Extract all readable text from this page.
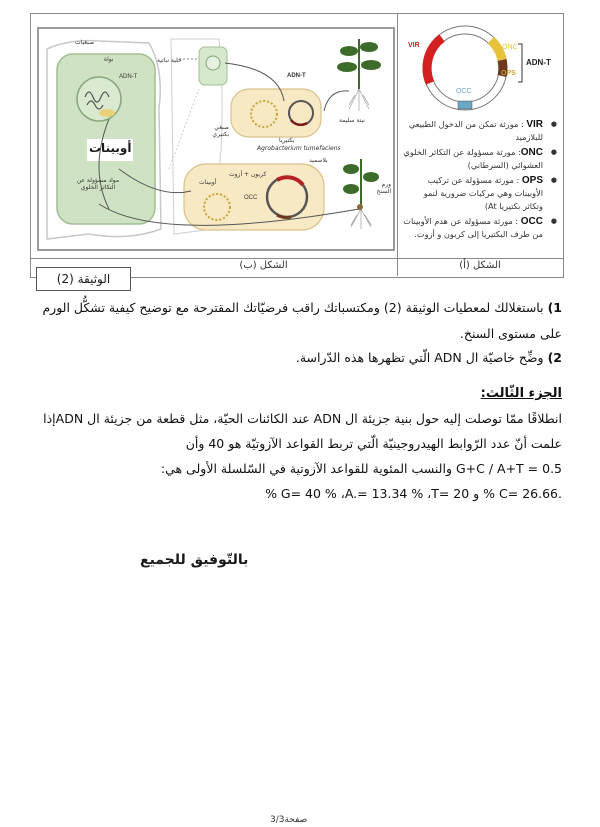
صبغيات
نواة
ADN-T
خلية نباتية
أوبينات
مواد مسؤولة عن التكاثر الخلوي
صبغي بكتيري
بكتيريا
Agrobacterium tumefaciens
نبتة سليمة
بلاسميد
كربون + أزوت
أوبينات
OCC
ورم السنخ
ADN-T
VIR	ONC
OPS
OCC
ADN-T
● VIR : مورثة تمكن من الدخول الطبيعي للبلازميد
● ONC: مورثة مسؤولة عن التكاثر الخلوي العشوائي (السرطاني)
● OPS : مورثة مسؤولة عن تركيب الأوبينات وهي مركبات ضرورية لنمو وتكاثر بكتيريا At)
● OCC : مورثة مسؤولة عن هدم الأوبينات من طرف البكتيريا إلى كربون و أزوت.
الشكل (أ)
الشكل (ب)
الوثيقة (2)
1) باستغلالك لمعطيات الوثيقة (2) ومكتسباتك راقب فرضيّاتك المقترحة مع توضيح كيفية تشكُّل الورم
على مستوى السنخ.
2) وضِّح خاصيّة ال ADN الّتي تظهرها هذه الدّراسة.
الجزء الثّالث:
انطلاقًا ممّا توصلت إليه حول بنية جزيئة ال ADN عند الكائنات الحيّة، مثل قطعة من جزيئة ال ADNإذا
علمت أنّ عدد الرّوابط الهيدروجينيّة الّتي تربط القواعد الآزوتيّة هو 40 وأن
G+C / A+T = 0.5 والنسب المئوية للقواعد الآزوتية في السّلسلة الأولى هي:
.C= 26.66 % و G= 40 % ،A.= 13.34 % ،T= 20 %
بالتّوفيق للجميع
صفحة3/3
